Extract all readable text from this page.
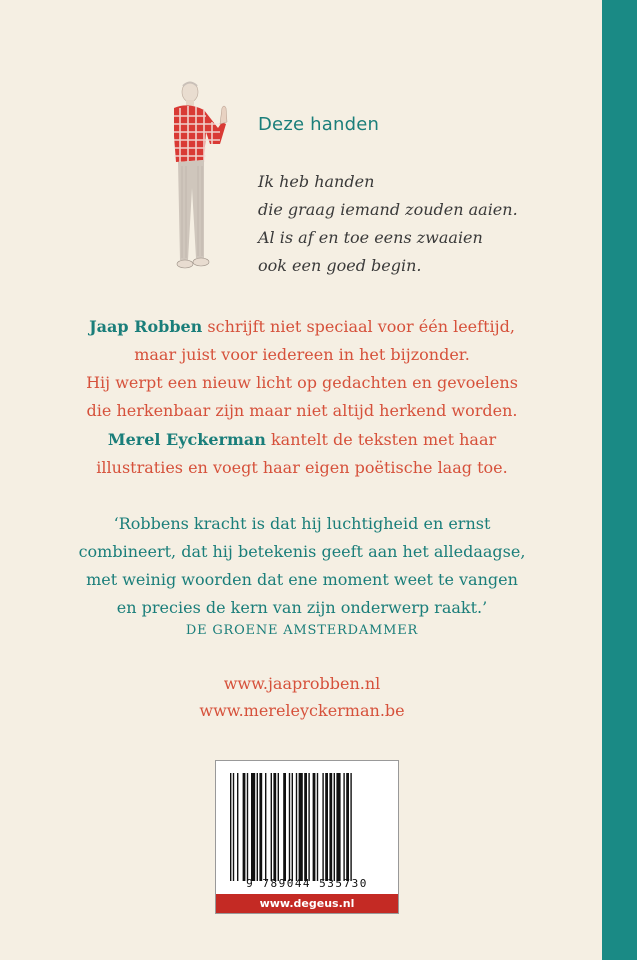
Deze handen
Ik heb handen
die graag iemand zouden aaien.
Al is af en toe eens zwaaien
ook een goed begin.
Jaap Robben schrijft niet speciaal voor één leeftijd,
maar juist voor iedereen in het bijzonder.
Hij werpt een nieuw licht op gedachten en gevoelens
die herkenbaar zijn maar niet altijd herkend worden.
Merel Eyckerman kantelt de teksten met haar
illustraties en voegt haar eigen poëtische laag toe.
‘Robbens kracht is dat hij luchtigheid en ernst
combineert, dat hij betekenis geeft aan het alledaagse,
met weinig woorden dat ene moment weet te vangen
en precies de kern van zijn onderwerp raakt.’
DE GROENE AMSTERDAMMER
www.jaaprobben.nl
www.mereleyckerman.be
9 789044 535730
www.degeus.nl
